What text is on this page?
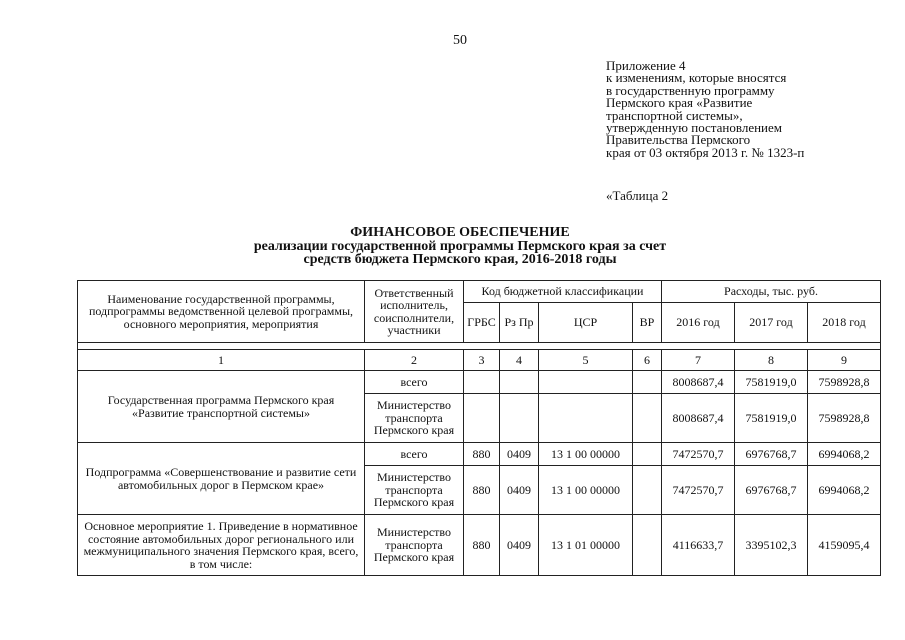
50
Приложение 4
к изменениям, которые вносятся
в государственную программу
Пермского края «Развитие
транспортной системы»,
утвержденную постановлением
Правительства Пермского
края от 03 октября 2013 г. № 1323-п
«Таблица 2
ФИНАНСОВОЕ ОБЕСПЕЧЕНИЕ
реализации государственной программы Пермского края за счет
средств бюджета Пермского края, 2016-2018 годы
Наименование государственной программы, подпрограммы ведомственной целевой программы, основного мероприятия, мероприятия	Ответственный исполнитель, соисполнители, участники	Код бюджетной классификации				Расходы, тыс. руб.		
		ГРБС	Рз Пр	ЦСР	ВР	2016 год	2017 год	2018 год

1	2	3	4	5	6	7	8	9
Государственная программа Пермского края «Развитие транспортной системы»	всего					8008687,4	7581919,0	7598928,8
	Министерство транспорта Пермского края					8008687,4	7581919,0	7598928,8
Подпрограмма «Совершенствование и развитие сети автомобильных дорог в Пермском крае»	всего	880	0409	13 1 00 00000		7472570,7	6976768,7	6994068,2
	Министерство транспорта Пермского края	880	0409	13 1 00 00000		7472570,7	6976768,7	6994068,2
Основное мероприятие 1. Приведение в нормативное состояние автомобильных дорог регионального или межмуниципального значения Пермского края, всего, в том числе:	Министерство транспорта Пермского края	880	0409	13 1 01 00000		4116633,7	3395102,3	4159095,4
